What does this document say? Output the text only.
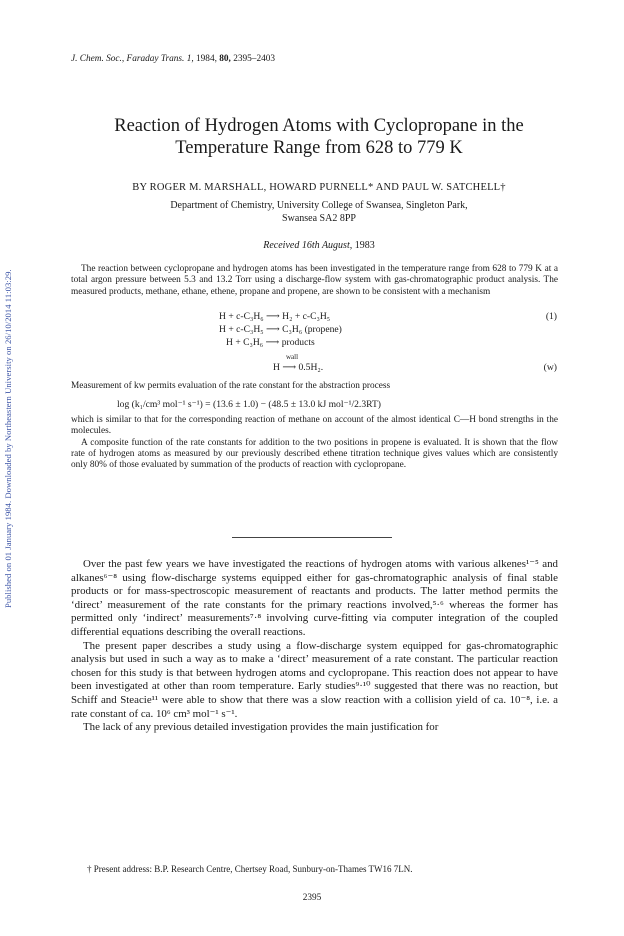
Published on 01 January 1984. Downloaded by Northeastern University on 26/10/2014 11:03:29.
J. Chem. Soc., Faraday Trans. 1, 1984, 80, 2395–2403
Reaction of Hydrogen Atoms with Cyclopropane in the
Temperature Range from 628 to 779 K
BY ROGER M. MARSHALL, HOWARD PURNELL* AND PAUL W. SATCHELL†
Department of Chemistry, University College of Swansea, Singleton Park,
Swansea SA2 8PP
Received 16th August, 1983

The reaction between cyclopropane and hydrogen atoms has been investigated in the temperature range from 628 to 779 K at a total argon pressure between 5.3 and 13.2 Torr using a discharge-flow system with gas-chromatographic product analysis. The measured products, methane, ethane, ethene, propane and propene, are shown to be consistent with a mechanism

H + c-C₃H₆ ⟶ H₂ + c-C₃H₅	(1)
H + c-C₃H₅ ⟶ C₃H₆ (propene)
H + C₃H₆ ⟶ products
wall
H ⟶ 0.5H₂.	(w)

Measurement of kw permits evaluation of the rate constant for the abstraction process

log (k₁/cm³ mol⁻¹ s⁻¹) = (13.6 ± 1.0) − (48.5 ± 13.0 kJ mol⁻¹/2.3RT)

which is similar to that for the corresponding reaction of methane on account of the almost identical C—H bond strengths in the molecules.

A composite function of the rate constants for addition to the two positions in propene is evaluated. It is shown that the flow rate of hydrogen atoms as measured by our previously described ethene titration technique gives values which are consistently only 80% of those evaluated by summation of the products of reaction with cyclopropane.

Over the past few years we have investigated the reactions of hydrogen atoms with various alkenes¹⁻⁵ and alkanes⁶⁻⁸ using flow-discharge systems equipped either for gas-chromatographic analysis of final stable products or for mass-spectroscopic measurement of reactants and products. The latter method permits the ‘direct’ measurement of the rate constants for the primary reactions involved,⁵·⁶ whereas the former has permitted only ‘indirect’ measurements⁷·⁸ involving curve-fitting via computer integration of the coupled differential equations describing the overall reactions.

The present paper describes a study using a flow-discharge system equipped for gas-chromatographic analysis but used in such a way as to make a ‘direct’ measurement of a rate constant. The particular reaction chosen for this study is that between hydrogen atoms and cyclopropane. This reaction does not appear to have been investigated at other than room temperature. Early studies⁹·¹⁰ suggested that there was no reaction, but Schiff and Steacie¹¹ were able to show that there was a slow reaction with a collision yield of ca. 10⁻⁸, i.e. a rate constant of ca. 10⁶ cm³ mol⁻¹ s⁻¹.

The lack of any previous detailed investigation provides the main justification for

† Present address: B.P. Research Centre, Chertsey Road, Sunbury-on-Thames TW16 7LN.
2395
